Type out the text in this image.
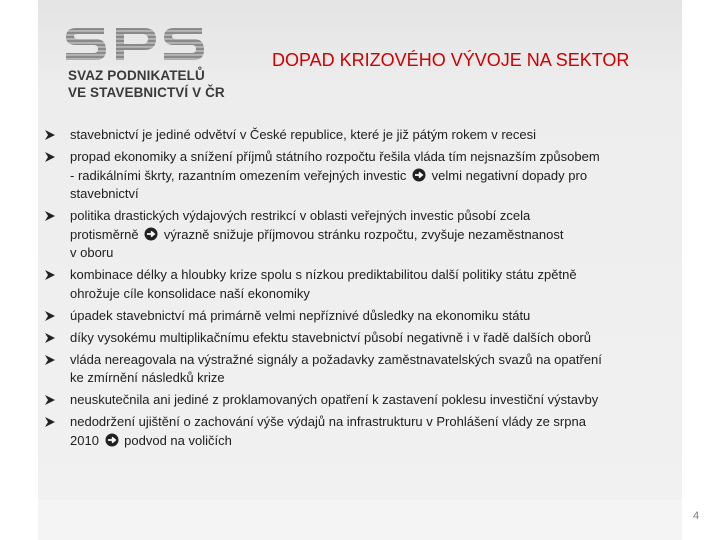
SVAZ PODNIKATELŮ
VE STAVEBNICTVÍ V ČR
DOPAD KRIZOVÉHO VÝVOJE NA SEKTOR
stavebnictví je jediné odvětví v České republice, které je již pátým rokem v recesi
propad ekonomiky a snížení příjmů státního rozpočtu řešila vláda tím nejsnazším způsobem
- radikálními škrty, razantním omezením veřejných investic velmi negativní dopady pro
stavebnictví
politika drastických výdajových restrikcí v oblasti veřejných investic působí zcela
protisměrně výrazně snižuje příjmovou stránku rozpočtu, zvyšuje nezaměstnanost
v oboru
kombinace délky a hloubky krize spolu s nízkou prediktabilitou další politiky státu zpětně
ohrožuje cíle konsolidace naší ekonomiky
úpadek stavebnictví má primárně velmi nepříznivé důsledky na ekonomiku státu
díky vysokému multiplikačnímu efektu stavebnictví působí negativně i v řadě dalších oborů
vláda nereagovala na výstražné signály a požadavky zaměstnavatelských svazů na opatření
ke zmírnění následků krize
neuskutečnila ani jediné z proklamovaných opatření k zastavení poklesu investiční výstavby
nedodržení ujištění o zachování výše výdajů na infrastrukturu v Prohlášení vlády ze srpna
2010 podvod na voličích
4
